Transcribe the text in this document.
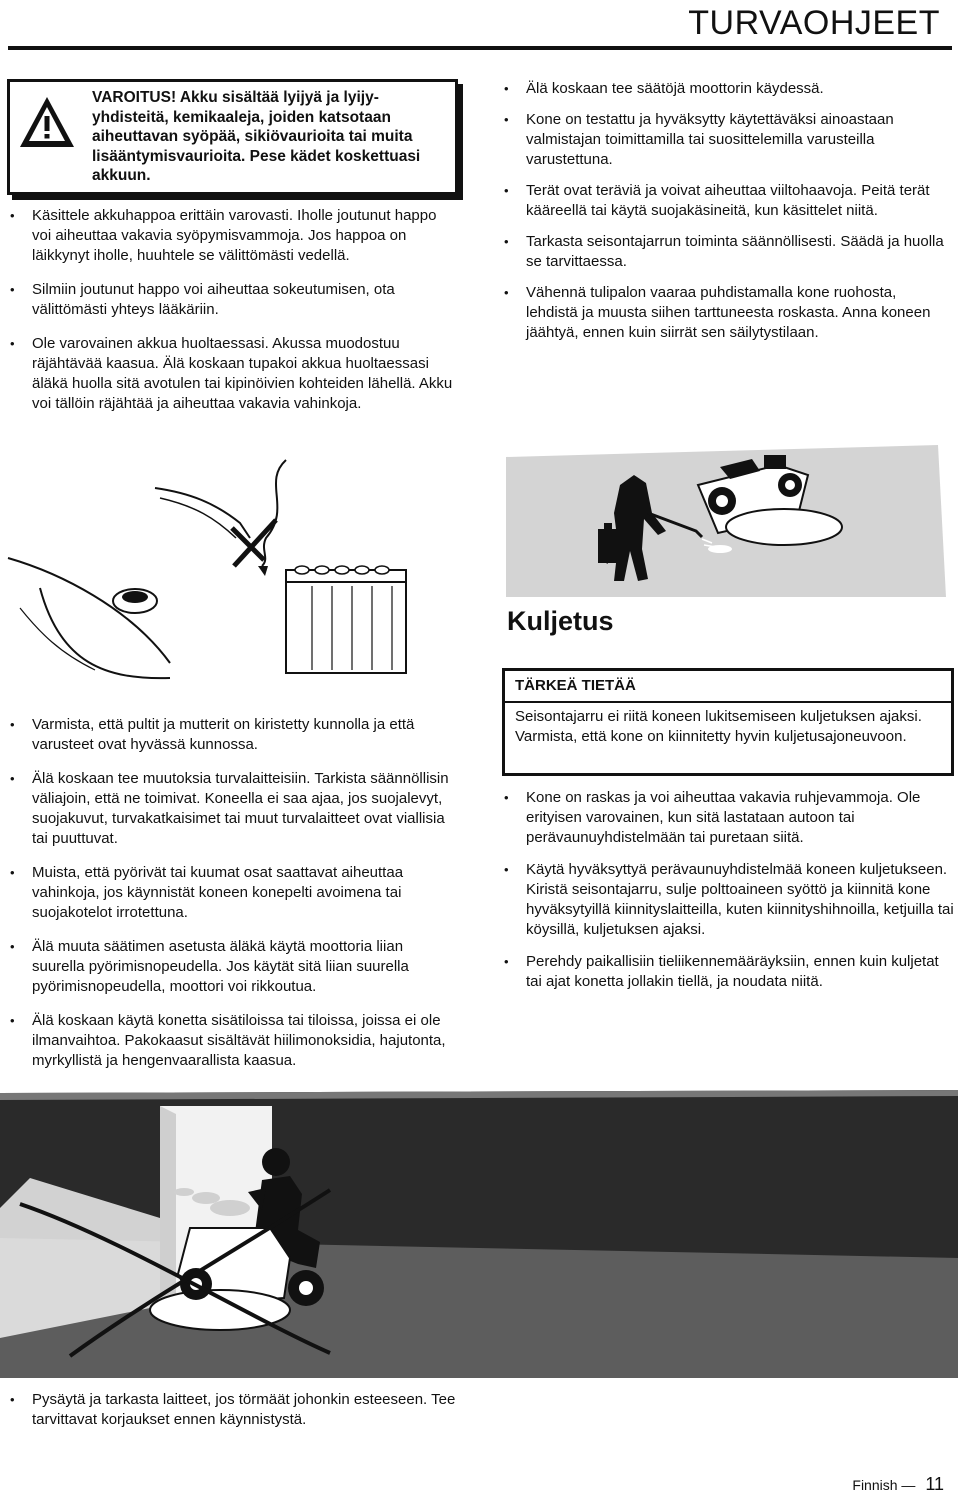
TURVAOHJEET
VAROITUS! Akku sisältää lyijyä ja lyijy-yhdisteitä, kemikaaleja, joiden katsotaan aiheuttavan syöpää, sikiövaurioita tai muita lisääntymisvaurioita. Pese kädet koskettuasi akkuun.
• Käsittele akkuhappoa erittäin varovasti. Iholle joutunut happo voi aiheuttaa vakavia syöpymisvammoja. Jos happoa on läikkynyt iholle, huuhtele se välittömästi vedellä.
• Silmiin joutunut happo voi aiheuttaa sokeutumisen, ota välittömästi yhteys lääkäriin.
• Ole varovainen akkua huoltaessasi. Akussa muodostuu räjähtävää kaasua. Älä koskaan tupakoi akkua huoltaessasi äläkä huolla sitä avotulen tai kipinöivien kohteiden lähellä. Akku voi tällöin räjähtää ja aiheuttaa vakavia vahinkoja.
• Älä koskaan tee säätöjä moottorin käydessä.
• Kone on testattu ja hyväksytty käytettäväksi ainoastaan valmistajan toimittamilla tai suosittelemilla varusteilla varustettuna.
• Terät ovat teräviä ja voivat aiheuttaa viiltohaavoja. Peitä terät kääreellä tai käytä suojakäsineitä, kun käsittelet niitä.
• Tarkasta seisontajarrun toiminta säännöllisesti. Säädä ja huolla se tarvittaessa.
• Vähennä tulipalon vaaraa puhdistamalla kone ruohosta, lehdistä ja muusta siihen tarttuneesta roskasta. Anna koneen jäähtyä, ennen kuin siirrät sen säilytystilaan.
Kuljetus
TÄRKEÄ TIETÄÄ
Seisontajarru ei riitä koneen lukitsemiseen kuljetuksen ajaksi. Varmista, että kone on kiinnitetty hyvin kuljetusajoneuvoon.
• Varmista, että pultit ja mutterit on kiristetty kunnolla ja että varusteet ovat hyvässä kunnossa.
• Älä koskaan tee muutoksia turvalaitteisiin. Tarkista säännöllisin väliajoin, että ne toimivat. Koneella ei saa ajaa, jos suojalevyt, suojakuvut, turvakatkaisimet tai muut turvalaitteet ovat viallisia tai puuttuvat.
• Muista, että pyörivät tai kuumat osat saattavat aiheuttaa vahinkoja, jos käynnistät koneen konepelti avoimena tai suojakotelot irrotettuna.
• Älä muuta säätimen asetusta äläkä käytä moottoria liian suurella pyörimisnopeudella. Jos käytät sitä liian suurella pyörimisnopeudella, moottori voi rikkoutua.
• Älä koskaan käytä konetta sisätiloissa tai tiloissa, joissa ei ole ilmanvaihtoa. Pakokaasut sisältävät hiilimonoksidia, hajutonta, myrkyllistä ja hengenvaarallista kaasua.
• Kone on raskas ja voi aiheuttaa vakavia ruhjevammoja. Ole erityisen varovainen, kun sitä lastataan autoon tai perävaunuyhdistelmään tai puretaan siitä.
• Käytä hyväksyttyä perävaunuyhdistelmää koneen kuljetukseen. Kiristä seisontajarru, sulje polttoaineen syöttö ja kiinnitä kone hyväksytyillä kiinnityslaitteilla, kuten kiinnityshihnoilla, ketjuilla tai köysillä, kuljetuksen ajaksi.
• Perehdy paikallisiin tieliikennemääräyksiin, ennen kuin kuljetat tai ajat konetta jollakin tiellä, ja noudata niitä.
• Pysäytä ja tarkasta laitteet, jos törmäät johonkin esteeseen. Tee tarvittavat korjaukset ennen käynnistystä.
Finnish — 11
